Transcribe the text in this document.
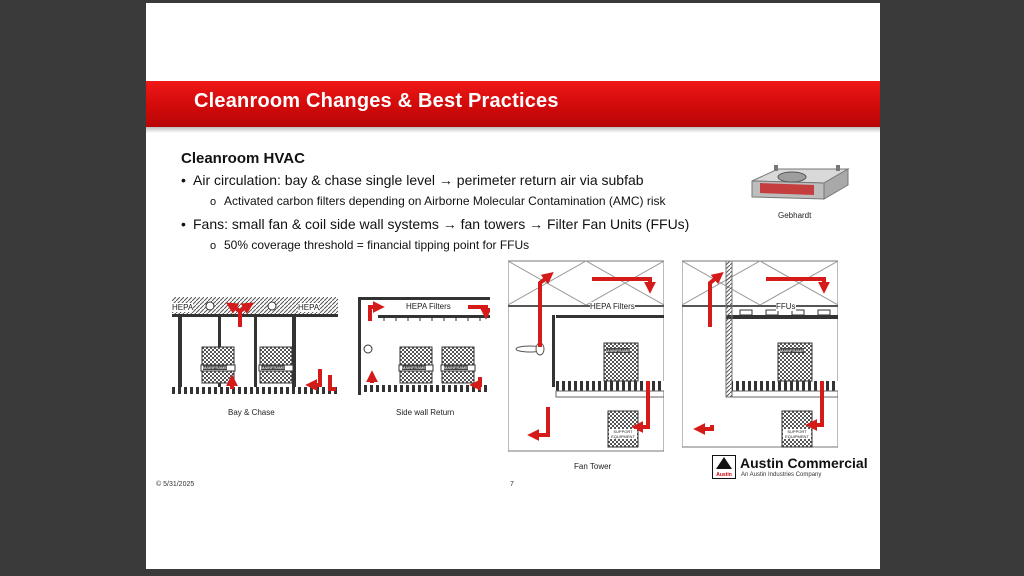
Cleanroom Changes & Best Practices
Cleanroom HVAC
• Air circulation: bay & chase single level → perimeter return air via subfab
o Activated carbon filters depending on Airborne Molecular Contamination (AMC) risk
• Fans: small fan & coil side wall systems → fan towers → Filter Fan Units (FFUs)
o 50% coverage threshold = financial tipping point for FFUs
Gebhardt
HEPA	HEPA
MAINFRAME	MAINFRAME
Bay & Chase
HEPA Filters
MAINFRAME	MAINFRAME
Side wall Return
HEPA Filters
MAINFRAME
SUPPORT EQUIPMENT
Fan Tower
FFUs
MAINFRAME
SUPPORT EQUIPMENT
© 5/31/2025	7
Austin
Austin Commercial
An Austin Industries Company
